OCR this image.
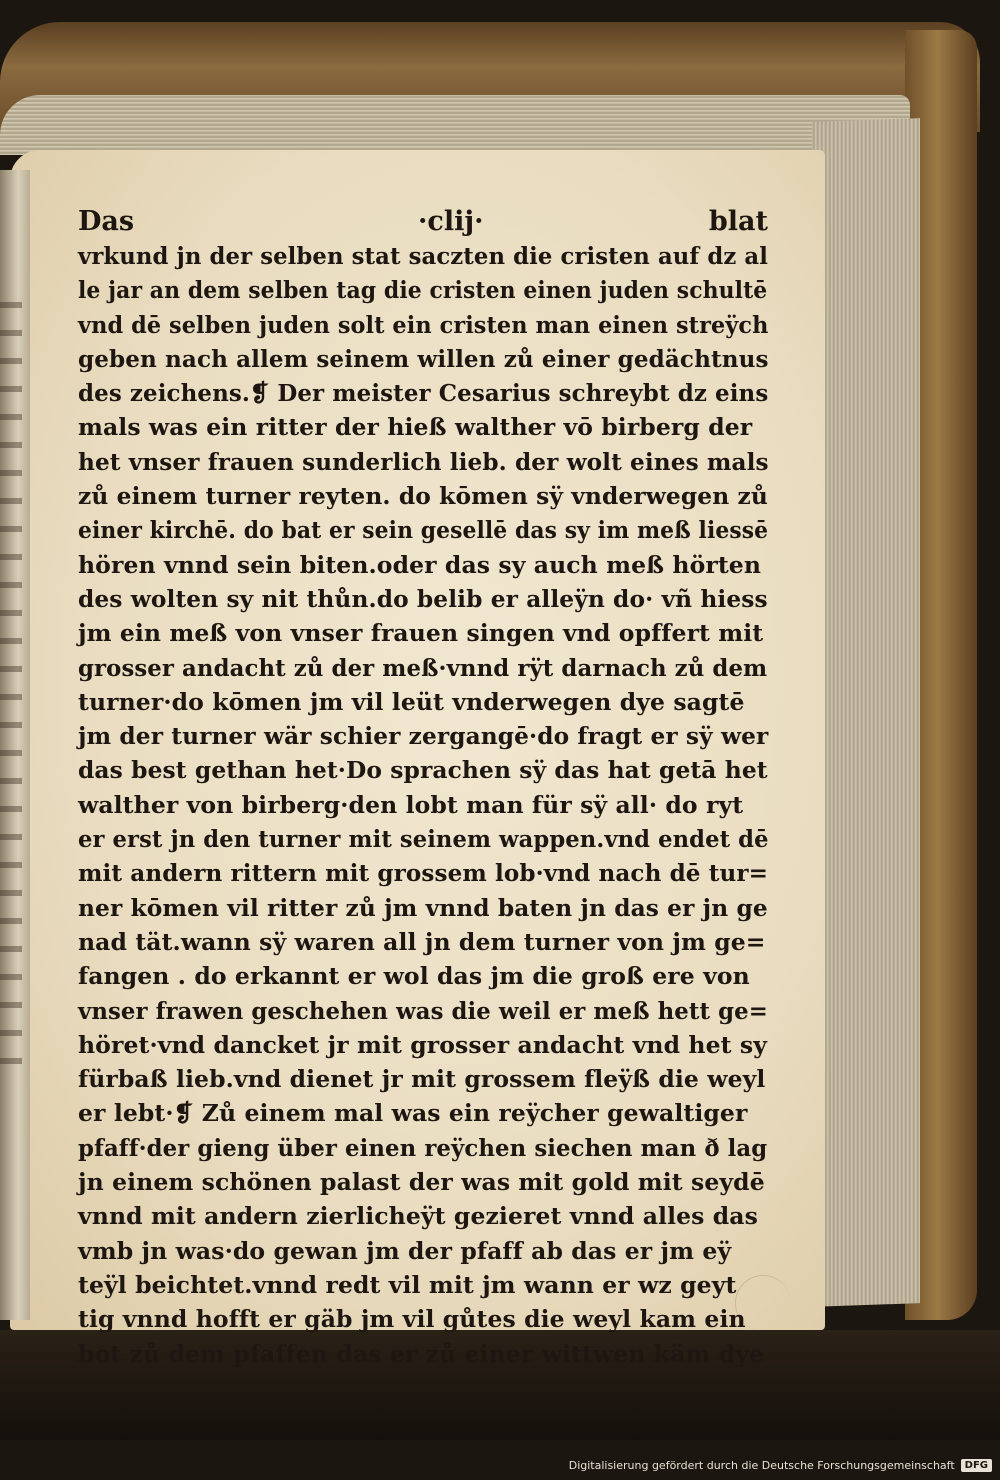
Das	·clij·	blat
vrkund jn der selben stat saczten die cristen auf dz al
le jar an dem selben tag die cristen einen juden schultē
vnd dē selben juden solt ein cristen man einen streÿch
geben nach allem seinem willen zů einer gedächtnus
des zeichens.❡ Der meister Cesarius schreybt dz eins
mals was ein ritter der hieß walther vō birberg der
het vnser frauen sunderlich lieb. der wolt eines mals
zů einem turner reyten. do kōmen sÿ vnderwegen zů
einer kirchē. do bat er sein gesellē das sy im meß liessē
hören vnnd sein biten.oder das sy auch meß hörten
des wolten sy nit thůn.do belib er alleÿn do· vñ hiess
jm ein meß von vnser frauen singen vnd opffert mit
grosser andacht zů der meß·vnnd rÿt darnach zů dem
turner·do kōmen jm vil leüt vnderwegen dye sagtē
jm der turner wär schier zergangē·do fragt er sÿ wer
das best gethan het·Do sprachen sÿ das hat getā het
walther von birberg·den lobt man für sÿ all· do ryt
er erst jn den turner mit seinem wappen.vnd endet dē
mit andern rittern mit grossem lob·vnd nach dē tur=
ner kōmen vil ritter zů jm vnnd baten jn das er jn ge
nad tät.wann sÿ waren all jn dem turner von jm ge=
fangen . do erkannt er wol das jm die groß ere von
vnser frawen geschehen was die weil er meß hett ge=
höret·vnd dancket jr mit grosser andacht vnd het sy
fürbaß lieb.vnd dienet jr mit grossem fleÿß die weyl
er lebt·❡ Zů einem mal was ein reÿcher gewaltiger
pfaff·der gieng über einen reÿchen siechen man ð lag
jn einem schönen palast der was mit gold mit seydē
vnnd mit andern zierlicheÿt gezieret vnnd alles das
vmb jn was·do gewan jm der pfaff ab das er jm eÿ
teÿl beichtet.vnnd redt vil mit jm wann er wz geyt
tig vnnd hofft er gäb jm vil gůtes die weyl kam ein
bot zů dem pfaffen das er zů einer wittwen käm dye
Digitalisierung gefördert durch die Deutsche Forschungsgemeinschaft	DFG
